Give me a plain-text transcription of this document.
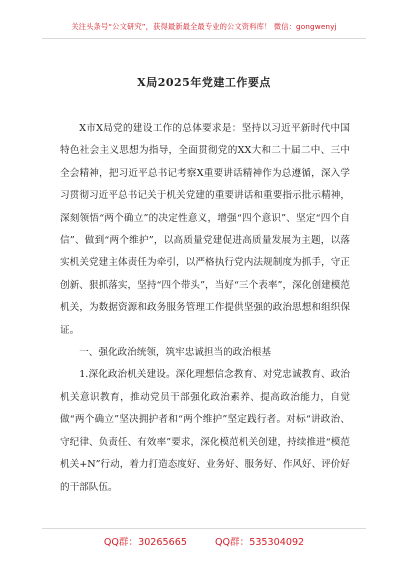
关注头条号“公文研究”，获得最新最全最专业的公文资料库！ 微信：gongwenyj
X局2025年党建工作要点

X市X局党的建设工作的总体要求是：坚持以习近平新时代中国特色社会主义思想为指导，全面贯彻党的XX大和二十届二中、三中全会精神，把习近平总书记考察X重要讲话精神作为总遵循，深入学习贯彻习近平总书记关于机关党建的重要讲话和重要指示批示精神，深刻领悟“两个确立”的决定性意义，增强“四个意识”、坚定“四个自信”、做到“两个维护”，以高质量党建促进高质量发展为主题，以落实机关党建主体责任为牵引，以严格执行党内法规制度为抓手，守正创新、狠抓落实，坚持“四个带头”，当好“三个表率”，深化创建模范机关，为数据资源和政务服务管理工作提供坚强的政治思想和组织保证。

一、强化政治统领，筑牢忠诚担当的政治根基

1.深化政治机关建设。深化理想信念教育、对党忠诚教育、政治机关意识教育，推动党员干部强化政治素养、提高政治能力，自觉做“两个确立”坚决拥护者和“两个维护”坚定践行者。对标“讲政治、守纪律、负责任、有效率”要求，深化模范机关创建，持续推进“模范机关+N”行动，着力打造态度好、业务好、服务好、作风好、评价好的干部队伍。

QQ群：30265665	QQ群：535304092
